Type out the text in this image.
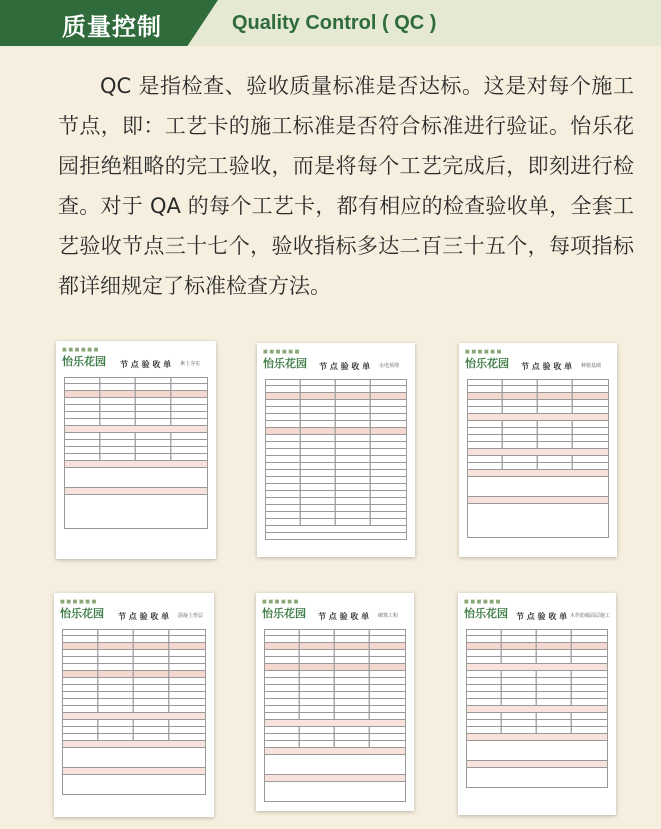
质量控制	Quality Control ( QC )
QC 是指检查、验收质量标准是否达标。这是对每个施工节点，即：工艺卡的施工标准是否符合标准进行验证。怡乐花园拒绝粗略的完工验收，而是将每个工艺完成后，即刻进行检查。对于 QA 的每个工艺卡，都有相应的检查验收单，全套工艺验收节点三十七个，验收指标多达二百三十五个，每项指标都详细规定了标准检查方法。
■ ■ ■ ■ ■ ■
怡乐花园 节 点 验 收 单 素土夯实
■ ■ ■ ■ ■ ■
怡乐花园 节 点 验 收 单 水电预埋
■ ■ ■ ■ ■ ■
怡乐花园 节 点 验 收 单 种植基础
■ ■ ■ ■ ■ ■
怡乐花园 节 点 验 收 单 混凝土垫层
■ ■ ■ ■ ■ ■
怡乐花园 节 点 验 收 单 砌筑工程
■ ■ ■ ■ ■ ■
怡乐花园 节 点 验 收 单 木作防腐面层施工
